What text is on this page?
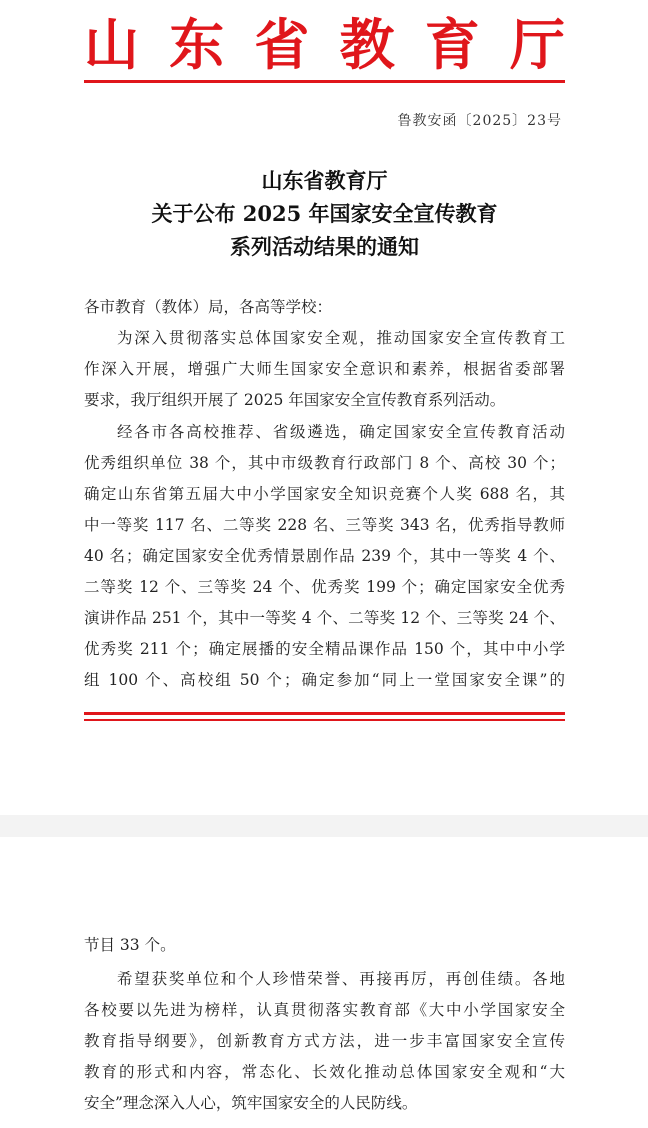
山 东 省 教 育 厅
鲁教安函〔2025〕23号
山东省教育厅
关于公布 2025 年国家安全宣传教育
系列活动结果的通知
各市教育（教体）局，各高等学校：
为深入贯彻落实总体国家安全观，推动国家安全宣传教育工
作深入开展，增强广大师生国家安全意识和素养，根据省委部署
要求，我厅组织开展了 2025 年国家安全宣传教育系列活动。
经各市各高校推荐、省级遴选，确定国家安全宣传教育活动
优秀组织单位 38 个，其中市级教育行政部门 8 个、高校 30 个；
确定山东省第五届大中小学国家安全知识竞赛个人奖 688 名，其
中一等奖 117 名、二等奖 228 名、三等奖 343 名，优秀指导教师
40 名；确定国家安全优秀情景剧作品 239 个，其中一等奖 4 个、
二等奖 12 个、三等奖 24 个、优秀奖 199 个；确定国家安全优秀
演讲作品 251 个，其中一等奖 4 个、二等奖 12 个、三等奖 24 个、
优秀奖 211 个；确定展播的安全精品课作品 150 个，其中中小学
组 100 个、高校组 50 个；确定参加“同上一堂国家安全课”的
节目 33 个。
希望获奖单位和个人珍惜荣誉、再接再厉，再创佳绩。各地
各校要以先进为榜样，认真贯彻落实教育部《大中小学国家安全
教育指导纲要》，创新教育方式方法，进一步丰富国家安全宣传
教育的形式和内容，常态化、长效化推动总体国家安全观和“大
安全”理念深入人心，筑牢国家安全的人民防线。
